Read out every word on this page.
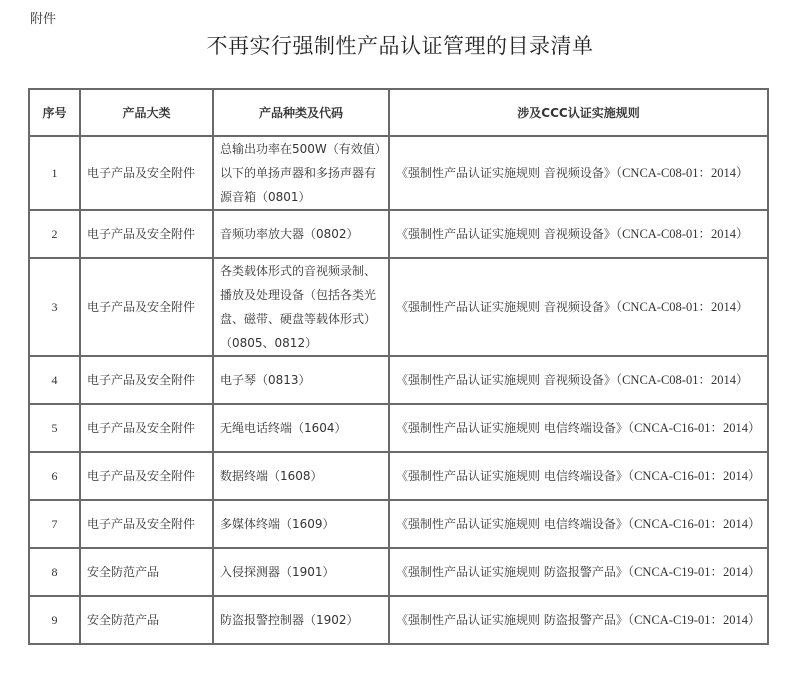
附件
不再实行强制性产品认证管理的目录清单
序号	产品大类	产品种类及代码	涉及CCC认证实施规则
1	电子产品及安全附件	总输出功率在500W（有效值）以下的单扬声器和多扬声器有源音箱（0801）	《强制性产品认证实施规则 音视频设备》（CNCA-C08-01：2014）
2	电子产品及安全附件	音频功率放大器（0802）	《强制性产品认证实施规则 音视频设备》（CNCA-C08-01：2014）
3	电子产品及安全附件	各类载体形式的音视频录制、播放及处理设备（包括各类光盘、磁带、硬盘等载体形式）（0805、0812）	《强制性产品认证实施规则 音视频设备》（CNCA-C08-01：2014）
4	电子产品及安全附件	电子琴（0813）	《强制性产品认证实施规则 音视频设备》（CNCA-C08-01：2014）
5	电子产品及安全附件	无绳电话终端（1604）	《强制性产品认证实施规则 电信终端设备》（CNCA-C16-01：2014）
6	电子产品及安全附件	数据终端（1608）	《强制性产品认证实施规则 电信终端设备》（CNCA-C16-01：2014）
7	电子产品及安全附件	多媒体终端（1609）	《强制性产品认证实施规则 电信终端设备》（CNCA-C16-01：2014）
8	安全防范产品	入侵探测器（1901）	《强制性产品认证实施规则 防盗报警产品》（CNCA-C19-01：2014）
9	安全防范产品	防盗报警控制器（1902）	《强制性产品认证实施规则 防盗报警产品》（CNCA-C19-01：2014）
